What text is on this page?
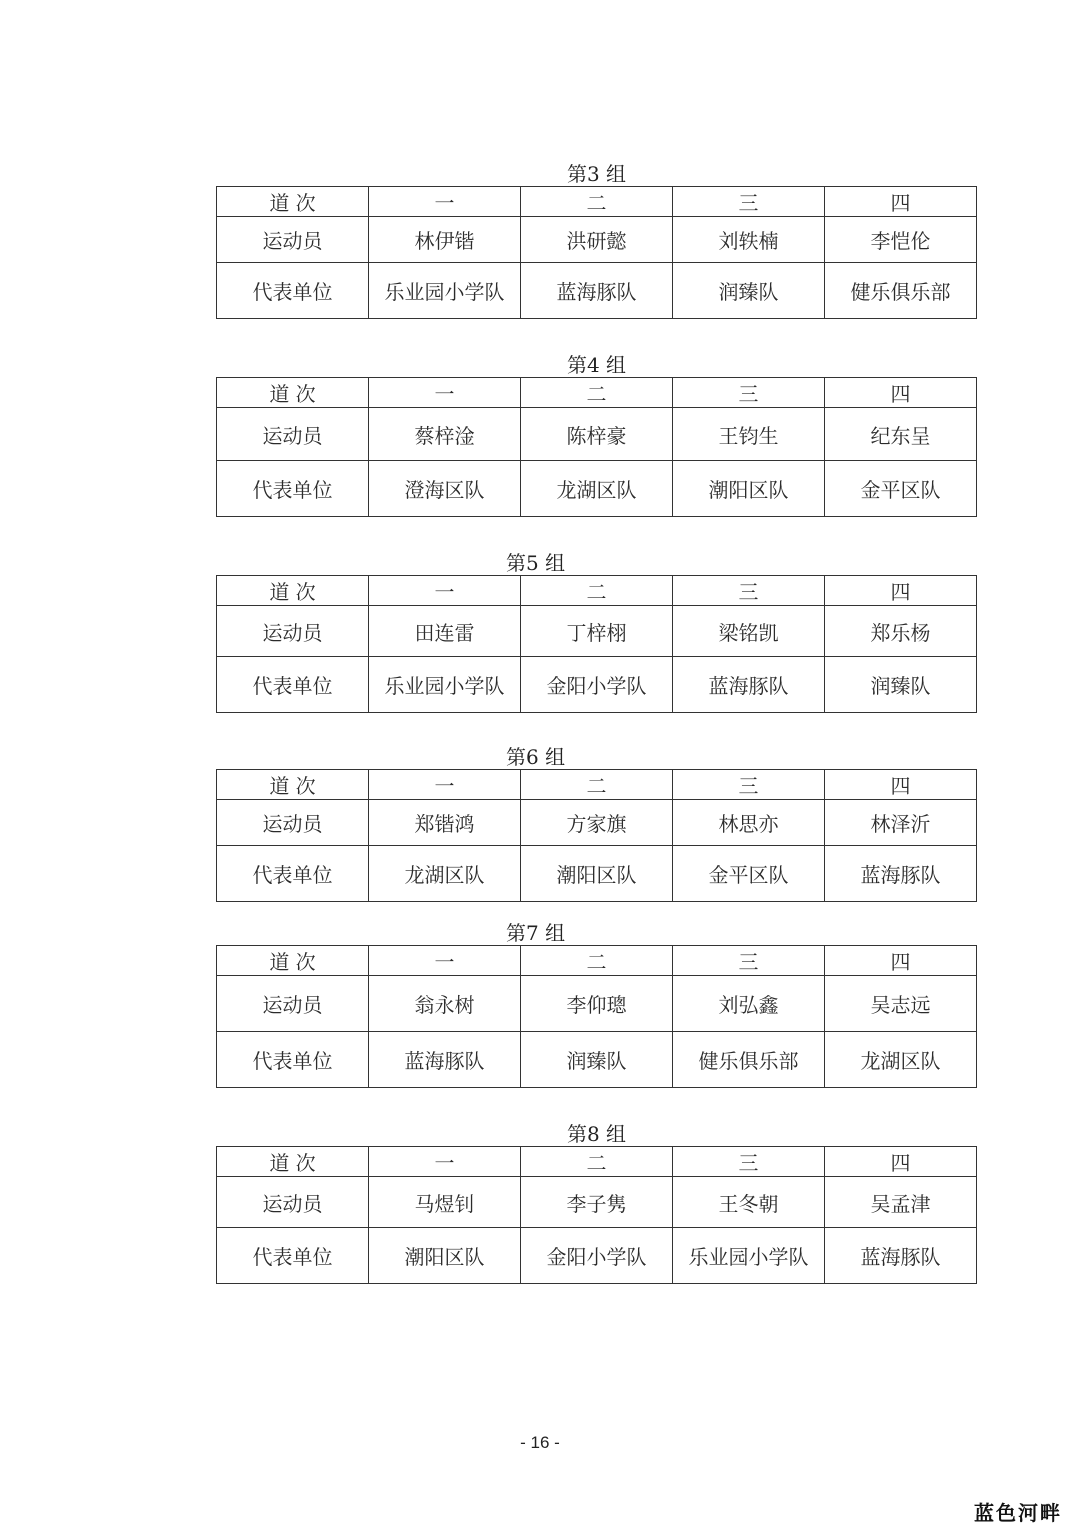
第3 组
道 次	一	二	三	四
运动员	林伊锴	洪研懿	刘轶楠	李恺伦
代表单位	乐业园小学队	蓝海豚队	润臻队	健乐俱乐部
第4 组
道 次	一	二	三	四
运动员	蔡梓淦	陈梓豪	王钧生	纪东呈
代表单位	澄海区队	龙湖区队	潮阳区队	金平区队
第5 组
道 次	一	二	三	四
运动员	田连雷	丁梓栩	梁铭凯	郑乐杨
代表单位	乐业园小学队	金阳小学队	蓝海豚队	润臻队
第6 组
道 次	一	二	三	四
运动员	郑锴鸿	方家旗	林思亦	林泽沂
代表单位	龙湖区队	潮阳区队	金平区队	蓝海豚队
第7 组
道 次	一	二	三	四
运动员	翁永树	李仰璁	刘弘鑫	吴志远
代表单位	蓝海豚队	润臻队	健乐俱乐部	龙湖区队
第8 组
道 次	一	二	三	四
运动员	马煜钊	李子隽	王冬朝	吴孟津
代表单位	潮阳区队	金阳小学队	乐业园小学队	蓝海豚队
- 16 -
蓝色河畔
